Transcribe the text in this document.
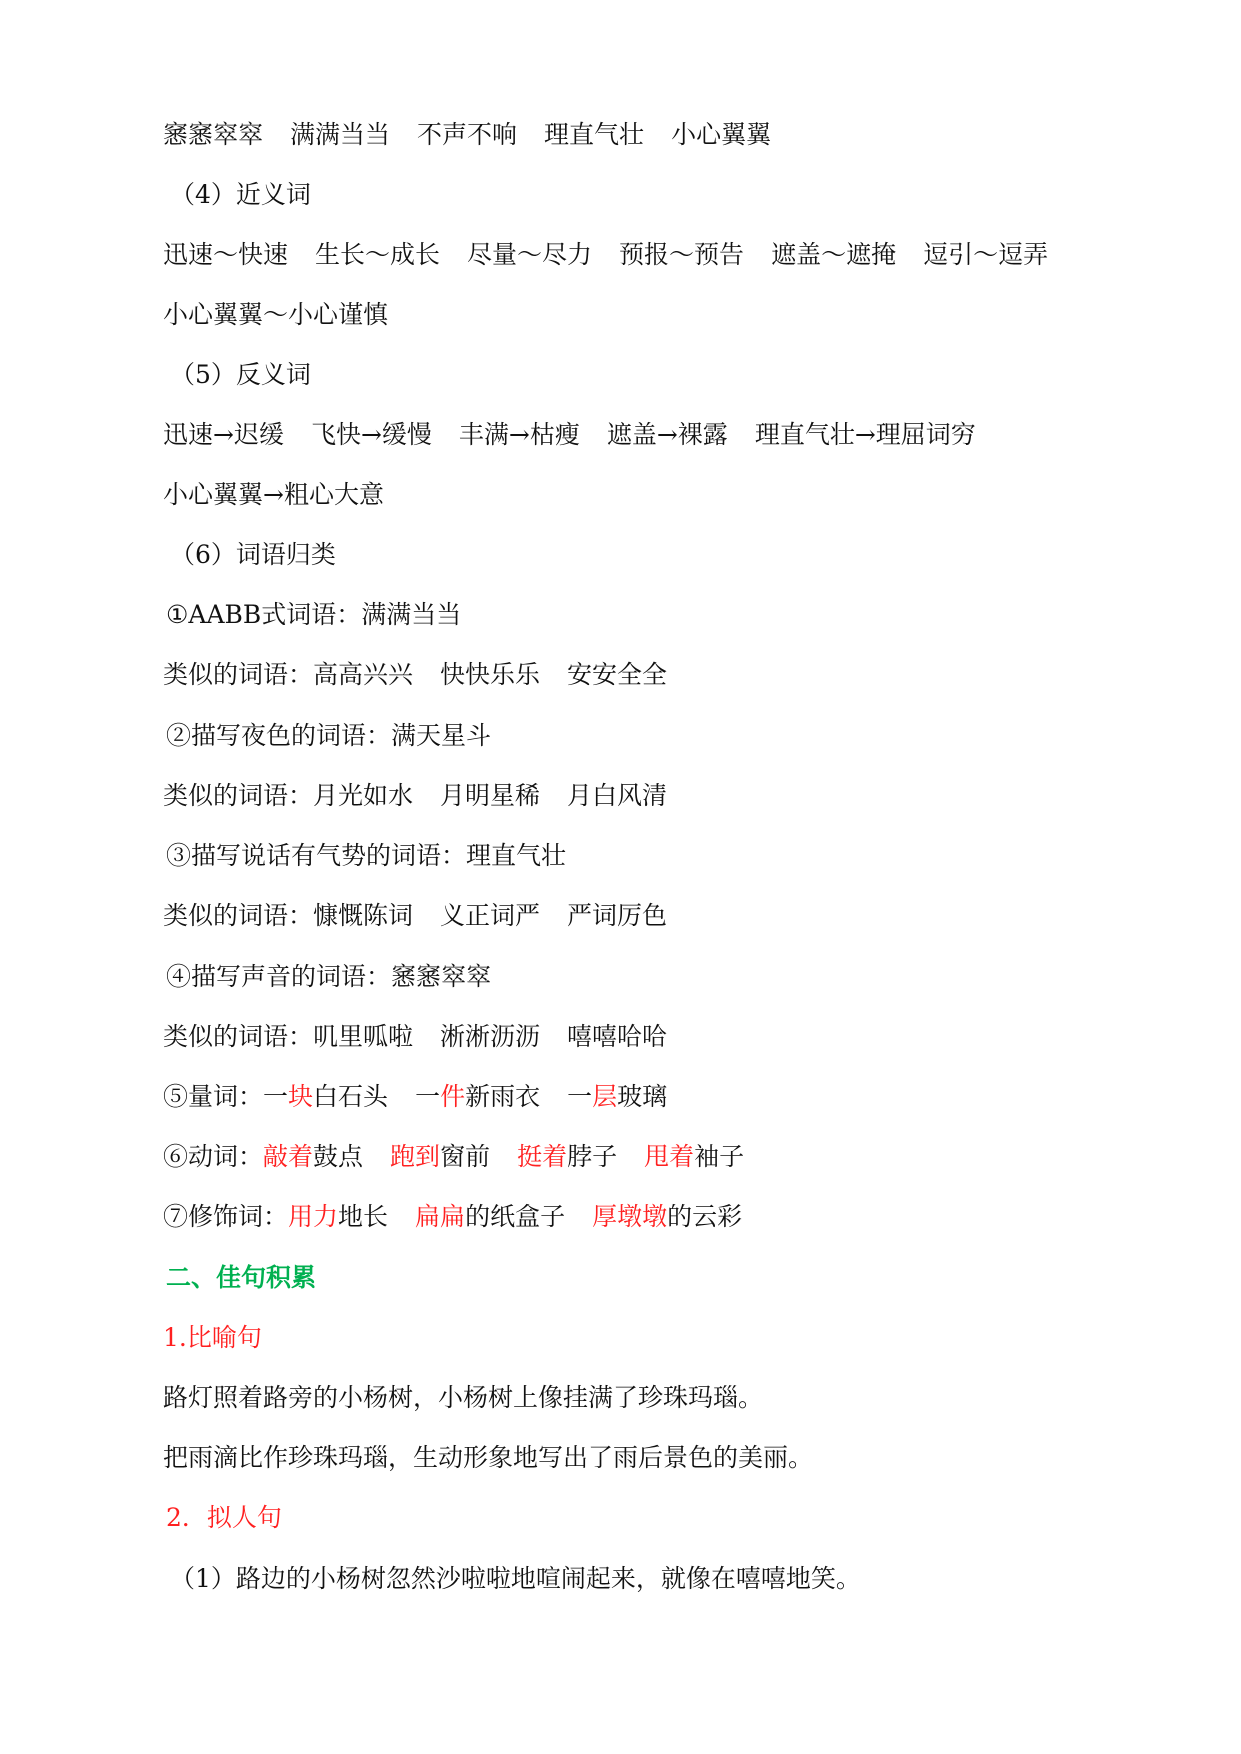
窸窸窣窣 满满当当 不声不响 理直气壮 小心翼翼
（4）近义词
迅速～快速 生长～成长 尽量～尽力 预报～预告 遮盖～遮掩 逗引～逗弄
小心翼翼～小心谨慎
（5）反义词
迅速→迟缓 飞快→缓慢 丰满→枯瘦 遮盖→裸露 理直气壮→理屈词穷
小心翼翼→粗心大意
（6）词语归类
①AABB式词语：满满当当
类似的词语：高高兴兴 快快乐乐 安安全全
②描写夜色的词语：满天星斗
类似的词语：月光如水 月明星稀 月白风清
③描写说话有气势的词语：理直气壮
类似的词语：慷慨陈词 义正词严 严词厉色
④描写声音的词语：窸窸窣窣
类似的词语：叽里呱啦 淅淅沥沥 嘻嘻哈哈
⑤量词：一块白石头 一件新雨衣 一层玻璃
⑥动词：敲着鼓点 跑到窗前 挺着脖子 甩着袖子
⑦修饰词：用力地长 扁扁的纸盒子 厚墩墩的云彩
二、佳句积累
1.比喻句
路灯照着路旁的小杨树，小杨树上像挂满了珍珠玛瑙。
把雨滴比作珍珠玛瑙，生动形象地写出了雨后景色的美丽。
2．拟人句
（1）路边的小杨树忽然沙啦啦地喧闹起来，就像在嘻嘻地笑。
